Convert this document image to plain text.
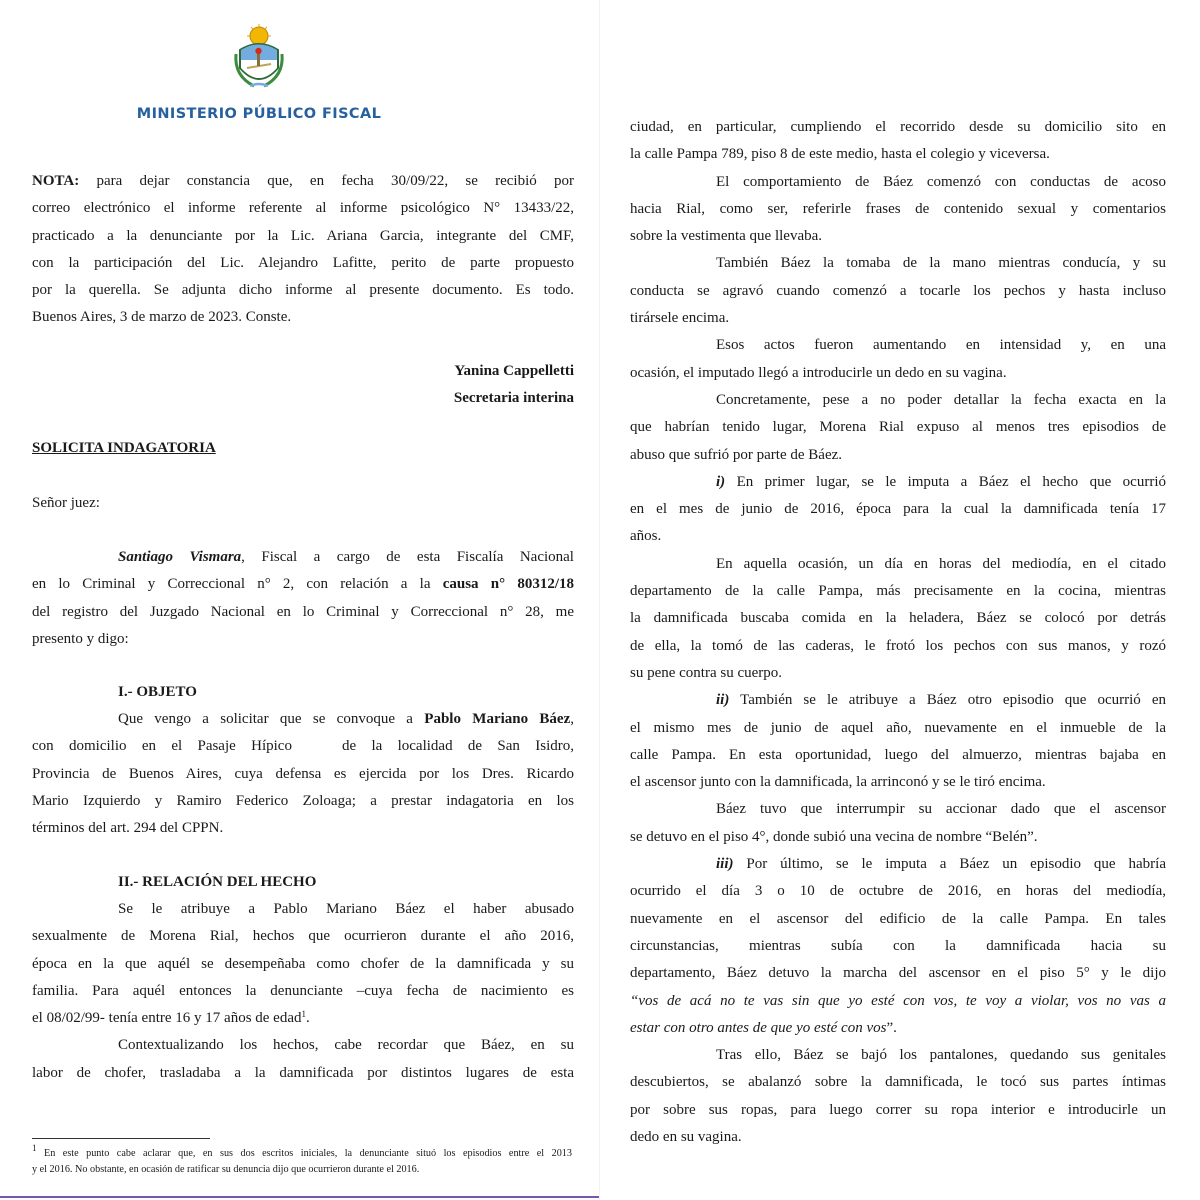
MINISTERIO PÚBLICO FISCAL
NOTA: para dejar constancia que, en fecha 30/09/22, se recibió por
correo electrónico el informe referente al informe psicológico N° 13433/22,
practicado a la denunciante por la Lic. Ariana Garcia, integrante del CMF,
con la participación del Lic. Alejandro Lafitte, perito de parte propuesto
por la querella. Se adjunta dicho informe al presente documento. Es todo.
Buenos Aires, 3 de marzo de 2023. Conste.
Yanina Cappelletti
Secretaria interina
SOLICITA INDAGATORIA
Señor juez:
Santiago Vismara, Fiscal a cargo de esta Fiscalía Nacional
en lo Criminal y Correccional n° 2, con relación a la causa n° 80312/18
del registro del Juzgado Nacional en lo Criminal y Correccional n° 28, me
presento y digo:
I.- OBJETO
Que vengo a solicitar que se convoque a Pablo Mariano Báez,
con domicilio en el Pasaje Hípico	de la localidad de San Isidro,
Provincia de Buenos Aires, cuya defensa es ejercida por los Dres. Ricardo
Mario Izquierdo y Ramiro Federico Zoloaga; a prestar indagatoria en los
términos del art. 294 del CPPN.
II.- RELACIÓN DEL HECHO
Se le atribuye a Pablo Mariano Báez el haber abusado
sexualmente de Morena Rial, hechos que ocurrieron durante el año 2016,
época en la que aquél se desempeñaba como chofer de la damnificada y su
familia. Para aquél entonces la denunciante –cuya fecha de nacimiento es
el 08/02/99- tenía entre 16 y 17 años de edad$^1$.
Contextualizando los hechos, cabe recordar que Báez, en su
labor de chofer, trasladaba a la damnificada por distintos lugares de esta
$^1$ En este punto cabe aclarar que, en sus dos escritos iniciales, la denunciante situó los episodios entre el 2013
y el 2016. No obstante, en ocasión de ratificar su denuncia dijo que ocurrieron durante el 2016.
ciudad, en particular, cumpliendo el recorrido desde su domicilio sito en
la calle Pampa 789, piso 8 de este medio, hasta el colegio y viceversa.
El comportamiento de Báez comenzó con conductas de acoso
hacia Rial, como ser, referirle frases de contenido sexual y comentarios
sobre la vestimenta que llevaba.
También Báez la tomaba de la mano mientras conducía, y su
conducta se agravó cuando comenzó a tocarle los pechos y hasta incluso
tirársele encima.
Esos actos fueron aumentando en intensidad y, en una
ocasión, el imputado llegó a introducirle un dedo en su vagina.
Concretamente, pese a no poder detallar la fecha exacta en la
que habrían tenido lugar, Morena Rial expuso al menos tres episodios de
abuso que sufrió por parte de Báez.
i) En primer lugar, se le imputa a Báez el hecho que ocurrió
en el mes de junio de 2016, época para la cual la damnificada tenía 17
años.
En aquella ocasión, un día en horas del mediodía, en el citado
departamento de la calle Pampa, más precisamente en la cocina, mientras
la damnificada buscaba comida en la heladera, Báez se colocó por detrás
de ella, la tomó de las caderas, le frotó los pechos con sus manos, y rozó
su pene contra su cuerpo.
ii) También se le atribuye a Báez otro episodio que ocurrió en
el mismo mes de junio de aquel año, nuevamente en el inmueble de la
calle Pampa. En esta oportunidad, luego del almuerzo, mientras bajaba en
el ascensor junto con la damnificada, la arrinconó y se le tiró encima.
Báez tuvo que interrumpir su accionar dado que el ascensor
se detuvo en el piso 4°, donde subió una vecina de nombre “Belén”.
iii) Por último, se le imputa a Báez un episodio que habría
ocurrido el día 3 o 10 de octubre de 2016, en horas del mediodía,
nuevamente en el ascensor del edificio de la calle Pampa. En tales
circunstancias, mientras subía con la damnificada hacia su
departamento, Báez detuvo la marcha del ascensor en el piso 5° y le dijo
“vos de acá no te vas sin que yo esté con vos, te voy a violar, vos no vas a
estar con otro antes de que yo esté con vos”.
Tras ello, Báez se bajó los pantalones, quedando sus genitales
descubiertos, se abalanzó sobre la damnificada, le tocó sus partes íntimas
por sobre sus ropas, para luego correr su ropa interior e introducirle un
dedo en su vagina.
